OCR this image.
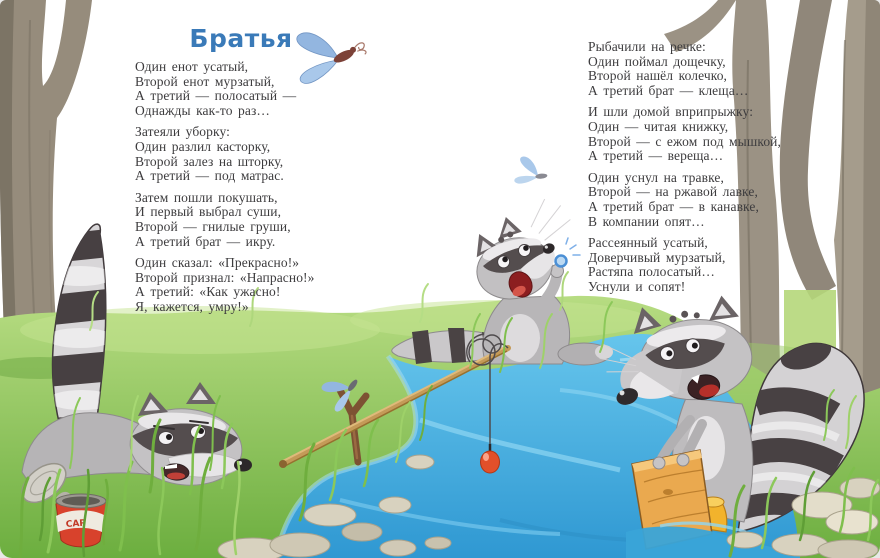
САР
Братья

Один енот усатый,
Второй енот мурзатый,
А третий — полосатый —
Однажды как-то раз…

Затеяли уборку:
Один разлил касторку,
Второй залез на шторку,
А третий — под матрас.

Затем пошли покушать,
И первый выбрал суши,
Второй — гнилые груши,
А третий брат — икру.

Один сказал: «Прекрасно!»
Второй признал: «Напрасно!»
А третий: «Как ужасно!
Я, кажется, умру!»

Рыбачили на речке:
Один поймал дощечку,
Второй нашёл колечко,
А третий брат — клеща…

И шли домой вприпрыжку:
Один — читая книжку,
Второй — с ежом под мышкой,
А третий — вереща…

Один уснул на травке,
Второй — на ржавой лавке,
А третий брат — в канавке,
В компании опят…

Рассеянный усатый,
Доверчивый мурзатый,
Растяпа полосатый…
Уснули и сопят!
